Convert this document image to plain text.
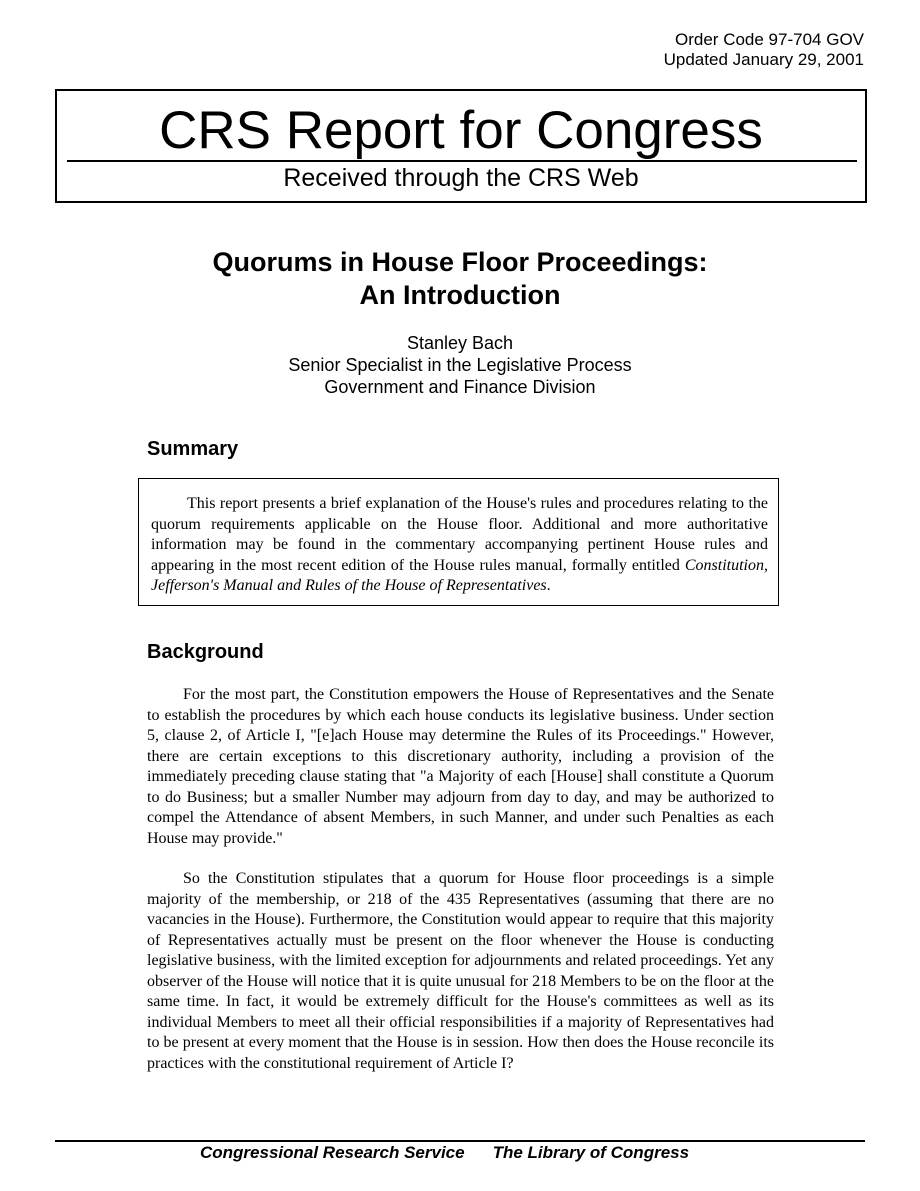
Order Code 97-704 GOV
Updated January 29, 2001
CRS Report for Congress
Received through the CRS Web
Quorums in House Floor Proceedings:
An Introduction
Stanley Bach
Senior Specialist in the Legislative Process
Government and Finance Division
Summary

This report presents a brief explanation of the House's rules and procedures relating to the quorum requirements applicable on the House floor. Additional and more authoritative information may be found in the commentary accompanying pertinent House rules and appearing in the most recent edition of the House rules manual, formally entitled Constitution, Jefferson's Manual and Rules of the House of Representatives.

Background

For the most part, the Constitution empowers the House of Representatives and the Senate to establish the procedures by which each house conducts its legislative business. Under section 5, clause 2, of Article I, "[e]ach House may determine the Rules of its Proceedings." However, there are certain exceptions to this discretionary authority, including a provision of the immediately preceding clause stating that "a Majority of each [House] shall constitute a Quorum to do Business; but a smaller Number may adjourn from day to day, and may be authorized to compel the Attendance of absent Members, in such Manner, and under such Penalties as each House may provide."

So the Constitution stipulates that a quorum for House floor proceedings is a simple majority of the membership, or 218 of the 435 Representatives (assuming that there are no vacancies in the House). Furthermore, the Constitution would appear to require that this majority of Representatives actually must be present on the floor whenever the House is conducting legislative business, with the limited exception for adjournments and related proceedings. Yet any observer of the House will notice that it is quite unusual for 218 Members to be on the floor at the same time. In fact, it would be extremely difficult for the House's committees as well as its individual Members to meet all their official responsibilities if a majority of Representatives had to be present at every moment that the House is in session. How then does the House reconcile its practices with the constitutional requirement of Article I?

Congressional Research Service The Library of Congress
